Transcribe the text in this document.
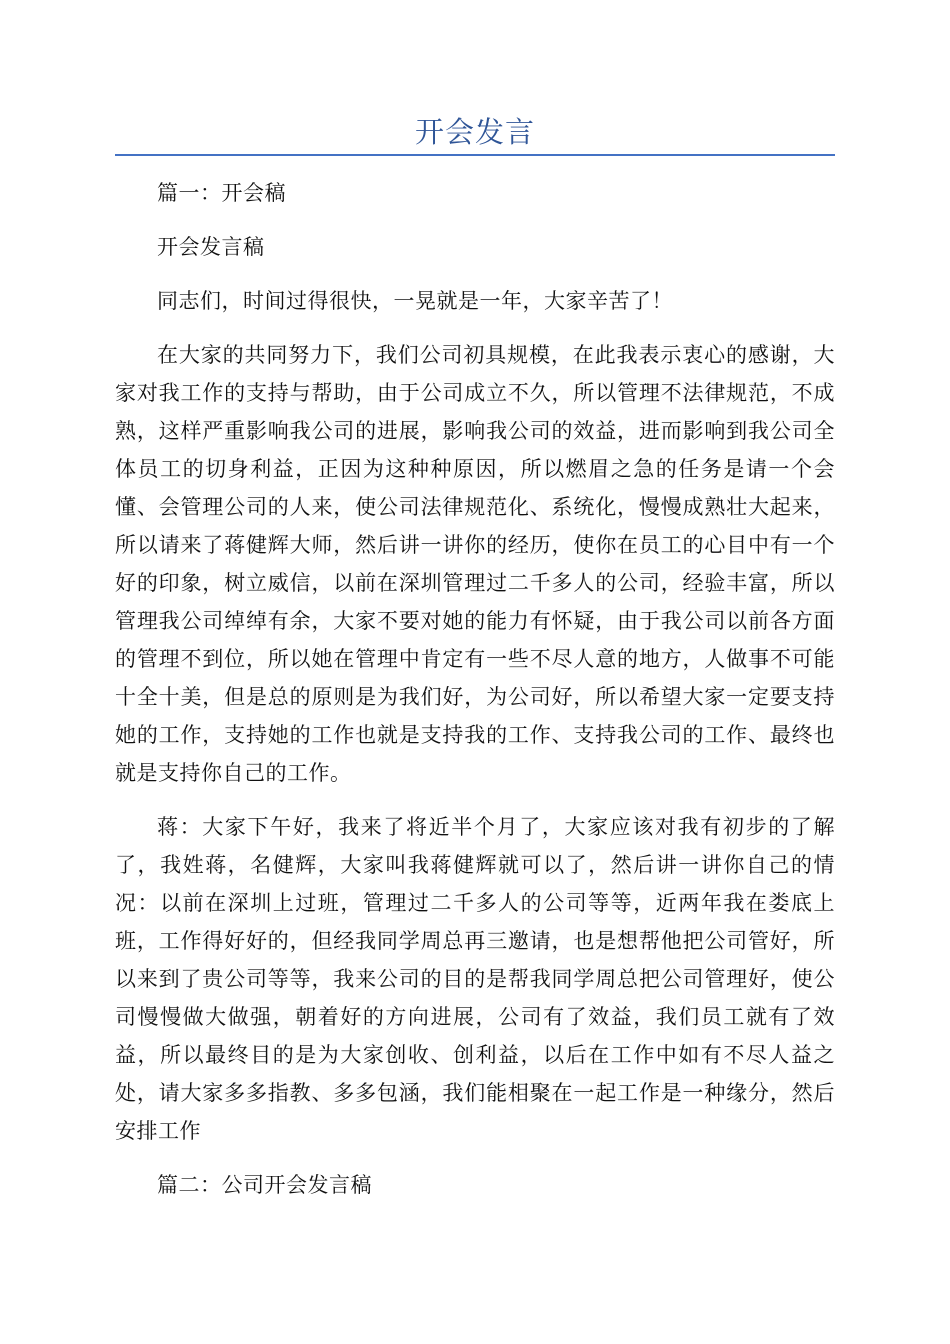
开会发言

篇一：开会稿

开会发言稿

同志们，时间过得很快，一晃就是一年，大家辛苦了！

在大家的共同努力下，我们公司初具规模，在此我表示衷心的感谢，大家对我工作的支持与帮助，由于公司成立不久，所以管理不法律规范，不成熟，这样严重影响我公司的进展，影响我公司的效益，进而影响到我公司全体员工的切身利益，正因为这种种原因，所以燃眉之急的任务是请一个会懂、会管理公司的人来，使公司法律规范化、系统化，慢慢成熟壮大起来，所以请来了蒋健辉大师，然后讲一讲你的经历，使你在员工的心目中有一个好的印象，树立威信，以前在深圳管理过二千多人的公司，经验丰富，所以管理我公司绰绰有余，大家不要对她的能力有怀疑，由于我公司以前各方面的管理不到位，所以她在管理中肯定有一些不尽人意的地方，人做事不可能十全十美，但是总的原则是为我们好，为公司好，所以希望大家一定要支持她的工作，支持她的工作也就是支持我的工作、支持我公司的工作、最终也就是支持你自己的工作。

蒋：大家下午好，我来了将近半个月了，大家应该对我有初步的了解了，我姓蒋，名健辉，大家叫我蒋健辉就可以了，然后讲一讲你自己的情况：以前在深圳上过班，管理过二千多人的公司等等，近两年我在娄底上班，工作得好好的，但经我同学周总再三邀请，也是想帮他把公司管好，所以来到了贵公司等等，我来公司的目的是帮我同学周总把公司管理好，使公司慢慢做大做强，朝着好的方向进展，公司有了效益，我们员工就有了效益，所以最终目的是为大家创收、创利益，以后在工作中如有不尽人益之处，请大家多多指教、多多包涵，我们能相聚在一起工作是一种缘分，然后安排工作

篇二：公司开会发言稿
